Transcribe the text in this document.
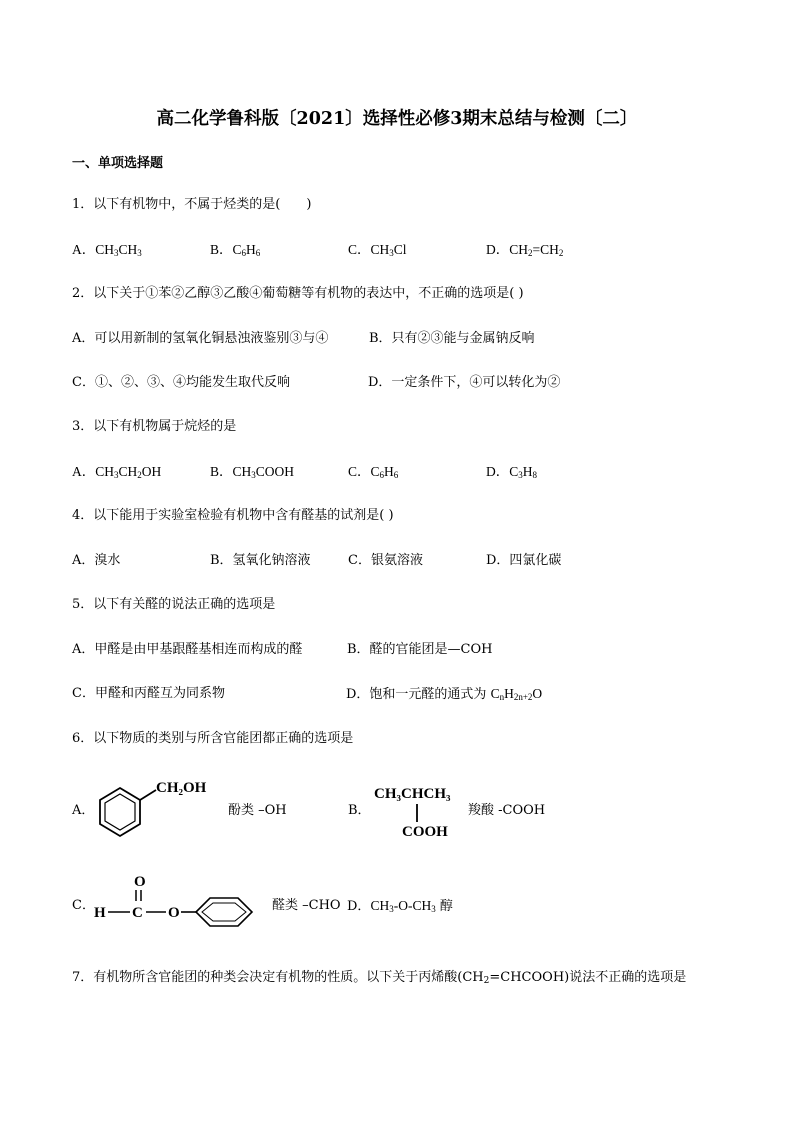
高二化学鲁科版〔2021〕选择性必修3期末总结与检测〔二〕
一、单项选择题
1．以下有机物中，不属于烃类的是(　　)
A．$CH_3CH_3$	B．$C_6H_6$	C．$CH_3Cl$	D．$CH_2=CH_2$
2．以下关于①苯②乙醇③乙酸④葡萄糖等有机物的表达中，不正确的选项是( )
A．可以用新制的氢氧化铜悬浊液鉴别③与④	B．只有②③能与金属钠反响
C．①、②、③、④均能发生取代反响	D．一定条件下，④可以转化为②
3．以下有机物属于烷烃的是
A．$CH_3CH_2OH$	B．$CH_3COOH$	C．$C_6H_6$	D．$C_3H_8$
4．以下能用于实验室检验有机物中含有醛基的试剂是( )
A．溴水	B．氢氧化钠溶液	C．银氨溶液	D．四氯化碳
5．以下有关醛的说法正确的选项是
A．甲醛是由甲基跟醛基相连而构成的醛	B．醛的官能团是—COH
C．甲醛和丙醛互为同系物	D．饱和一元醛的通式为 $C_nH_{2n+2}O$
6．以下物质的类别与所含官能团都正确的选项是
A．
CH₂OH
酚类 –OH	B．
CH₃CHCH₃
COOH
羧酸 -COOH
C．
O
H C O	醛类 –CHO D．$CH_3-O-CH_3$ 醇
7．有机物所含官能团的种类会决定有机物的性质。以下关于丙烯酸$(CH_2=CHCOOH)$说法不正确的选项是
